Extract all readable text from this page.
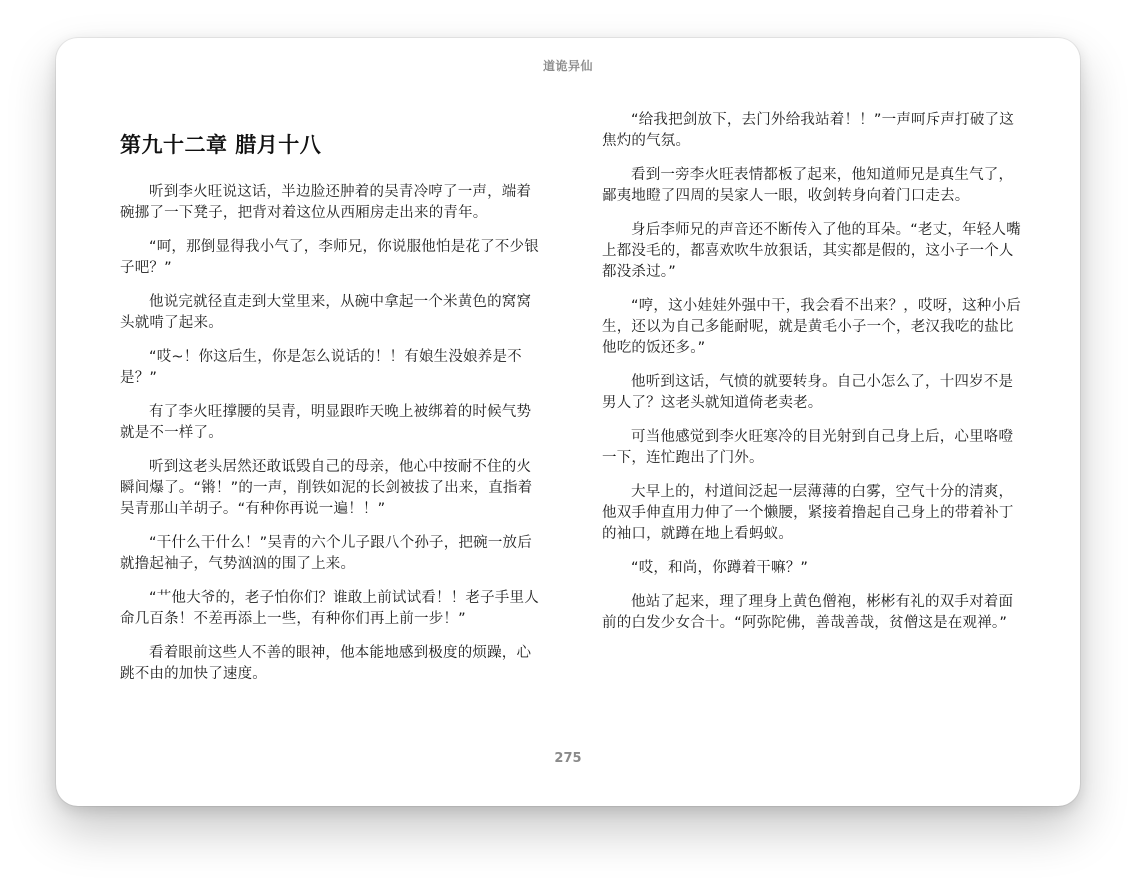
道诡异仙
第九十二章 腊月十八

听到李火旺说这话，半边脸还肿着的吴青冷哼了一声，端着碗挪了一下凳子，把背对着这位从西厢房走出来的青年。

“呵，那倒显得我小气了，李师兄，你说服他怕是花了不少银子吧？”

他说完就径直走到大堂里来，从碗中拿起一个米黄色的窝窝头就啃了起来。

“哎~！你这后生，你是怎么说话的！！有娘生没娘养是不是？”

有了李火旺撑腰的吴青，明显跟昨天晚上被绑着的时候气势就是不一样了。

听到这老头居然还敢诋毁自己的母亲，他心中按耐不住的火瞬间爆了。“锵！”的一声，削铁如泥的长剑被拔了出来，直指着吴青那山羊胡子。“有种你再说一遍！！”

“干什么干什么！”吴青的六个儿子跟八个孙子，把碗一放后就撸起袖子，气势汹汹的围了上来。

“艹他大爷的，老子怕你们？谁敢上前试试看！！老子手里人命几百条！不差再添上一些，有种你们再上前一步！”

看着眼前这些人不善的眼神，他本能地感到极度的烦躁，心跳不由的加快了速度。

“给我把剑放下，去门外给我站着！！”一声呵斥声打破了这焦灼的气氛。

看到一旁李火旺表情都板了起来，他知道师兄是真生气了，鄙夷地瞪了四周的吴家人一眼，收剑转身向着门口走去。

身后李师兄的声音还不断传入了他的耳朵。“老丈，年轻人嘴上都没毛的，都喜欢吹牛放狠话，其实都是假的，这小子一个人都没杀过。”

“哼，这小娃娃外强中干，我会看不出来？，哎呀，这种小后生，还以为自己多能耐呢，就是黄毛小子一个，老汉我吃的盐比他吃的饭还多。”

他听到这话，气愤的就要转身。自己小怎么了，十四岁不是男人了？这老头就知道倚老卖老。

可当他感觉到李火旺寒冷的目光射到自己身上后，心里咯噔一下，连忙跑出了门外。

大早上的，村道间泛起一层薄薄的白雾，空气十分的清爽，他双手伸直用力伸了一个懒腰，紧接着撸起自己身上的带着补丁的袖口，就蹲在地上看蚂蚁。

“哎，和尚，你蹲着干嘛？”

他站了起来，理了理身上黄色僧袍，彬彬有礼的双手对着面前的白发少女合十。“阿弥陀佛，善哉善哉，贫僧这是在观禅。”

275
